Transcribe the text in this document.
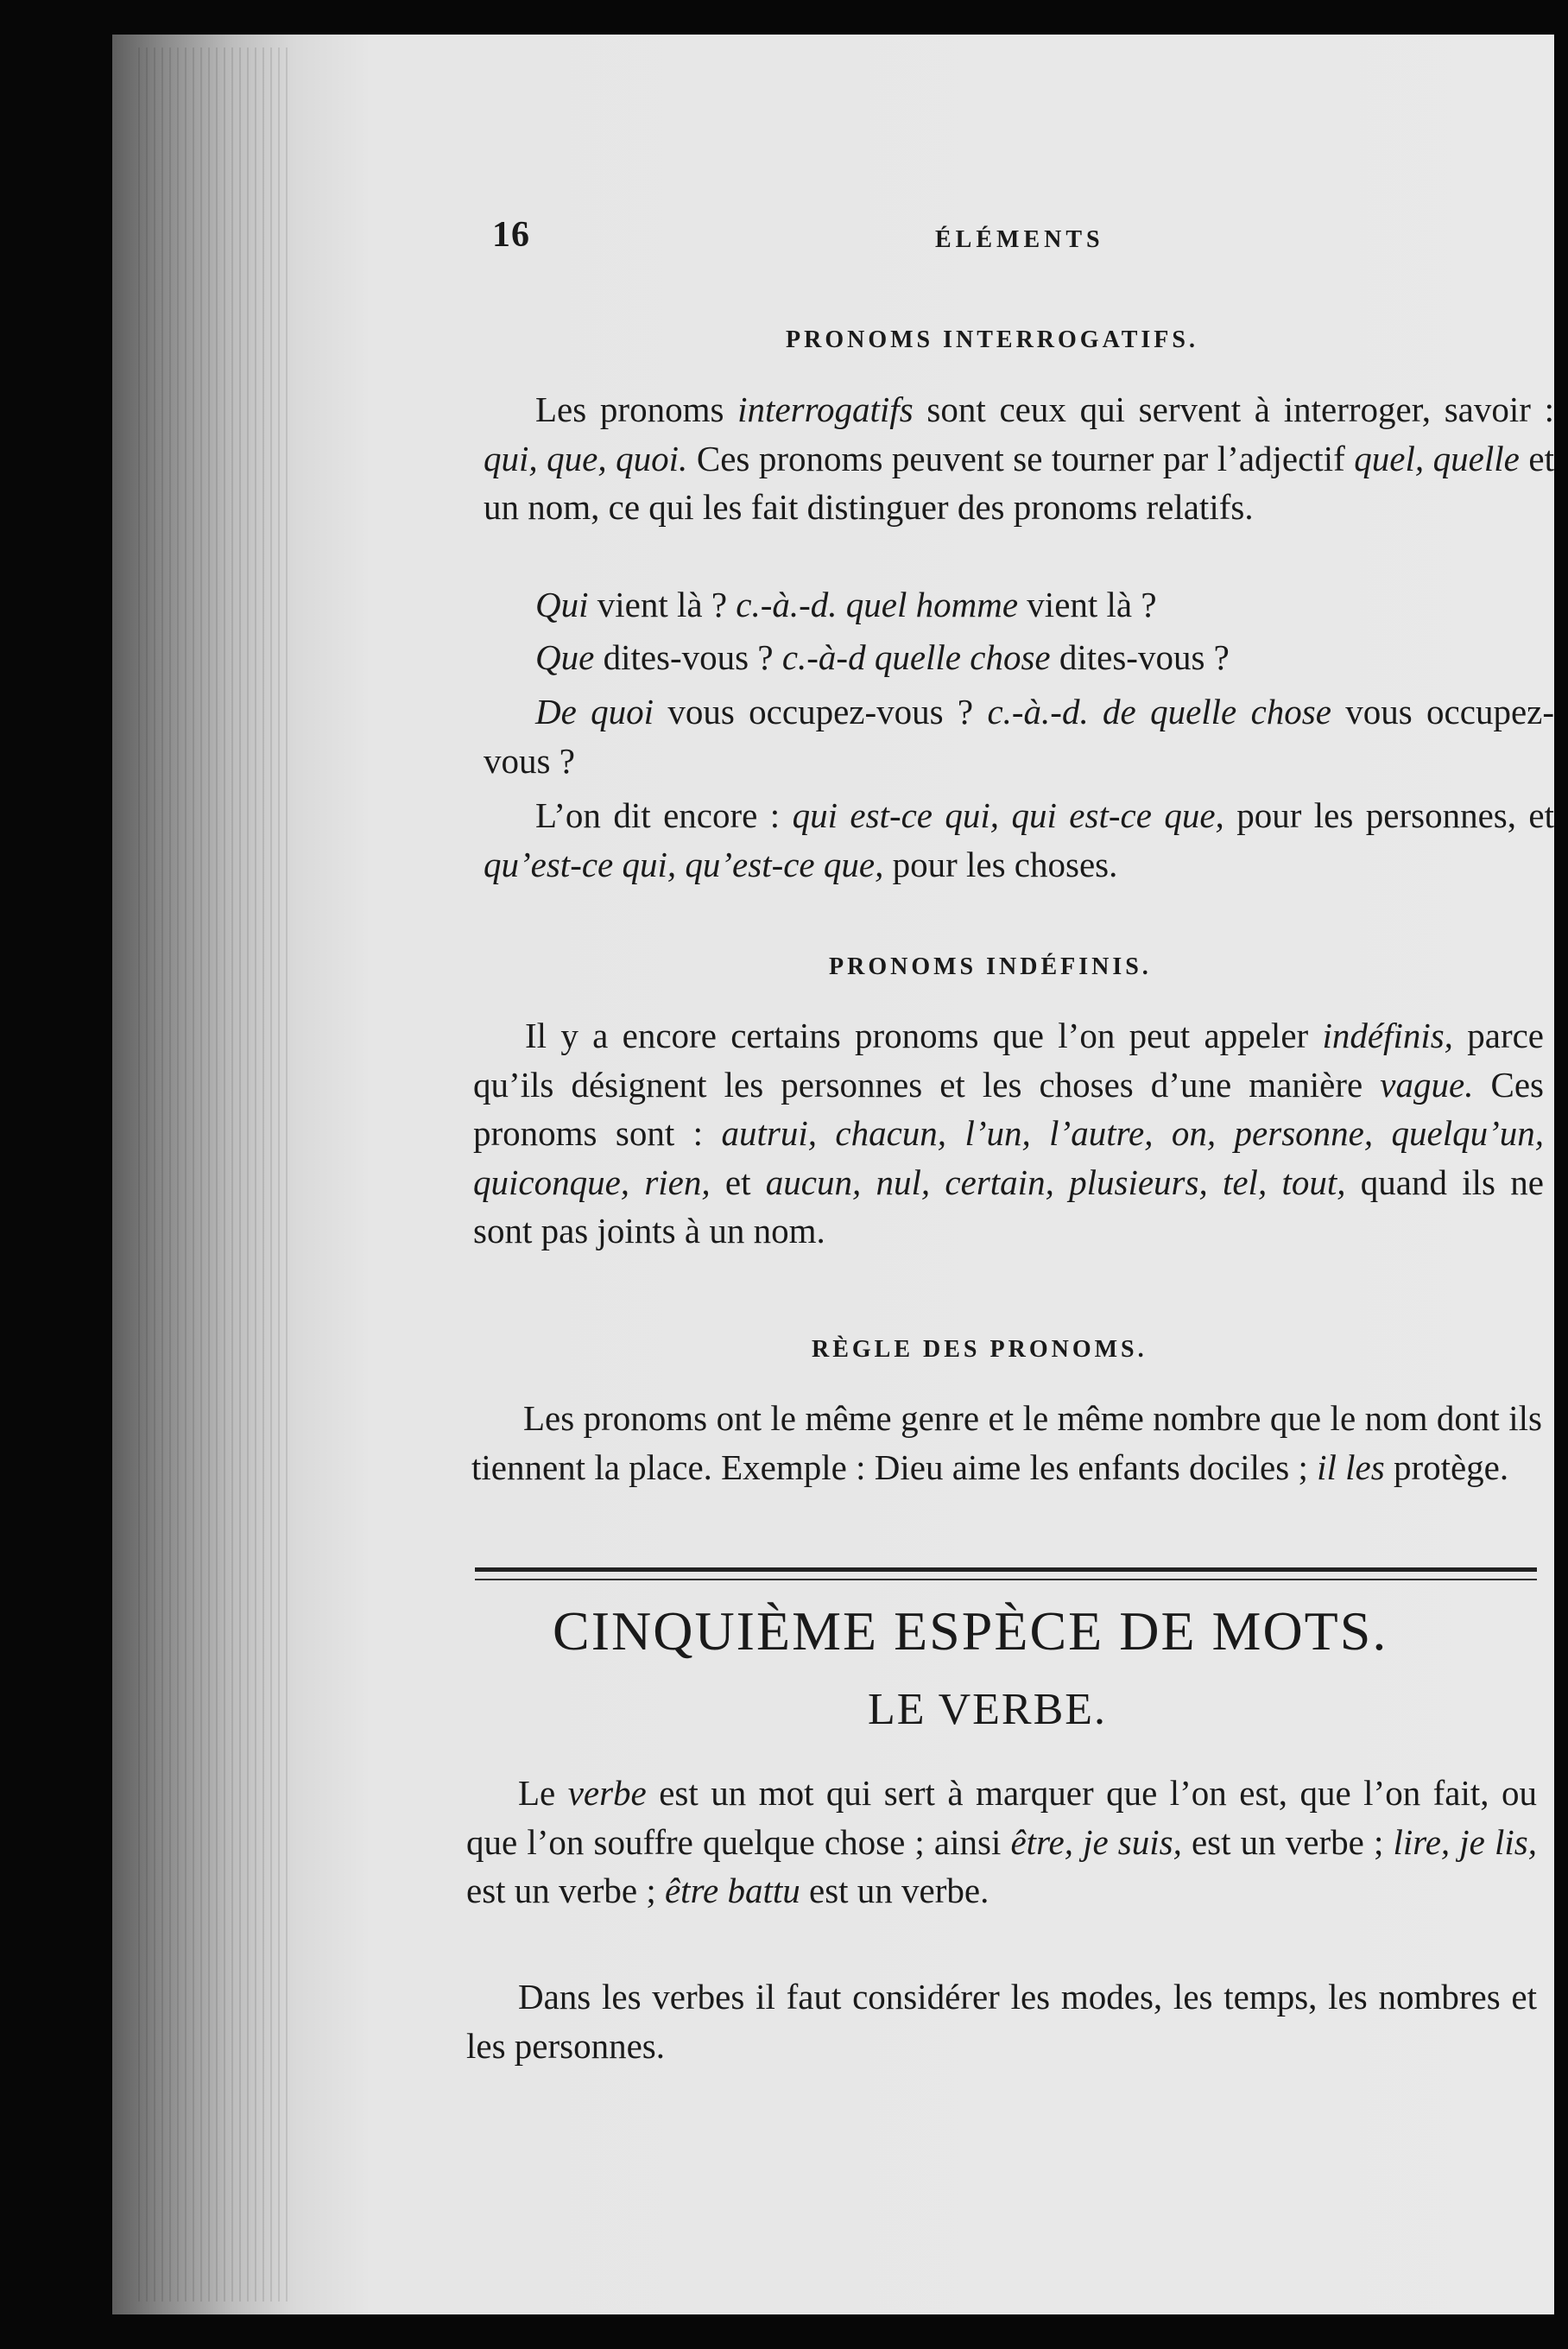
16	ÉLÉMENTS
PRONOMS INTERROGATIFS.
Les pronoms interrogatifs sont ceux qui servent à interroger, savoir : qui, que, quoi. Ces pronoms peuvent se tourner par l’adjectif quel, quelle et un nom, ce qui les fait distinguer des pronoms relatifs.
Qui vient là ? c.-à.-d. quel homme vient là ?
Que dites-vous ? c.-à-d quelle chose dites-vous ?
De quoi vous occupez-vous ? c.-à.-d. de quelle chose vous occupez-vous ?
L’on dit encore : qui est-ce qui, qui est-ce que, pour les personnes, et qu’est-ce qui, qu’est-ce que, pour les choses.
PRONOMS INDÉFINIS.
Il y a encore certains pronoms que l’on peut appeler indéfinis, parce qu’ils désignent les personnes et les choses d’une manière vague. Ces pronoms sont : autrui, chacun, l’un, l’autre, on, personne, quelqu’un, quiconque, rien, et aucun, nul, certain, plusieurs, tel, tout, quand ils ne sont pas joints à un nom.
RÈGLE DES PRONOMS.
Les pronoms ont le même genre et le même nombre que le nom dont ils tiennent la place. Exemple : Dieu aime les enfants dociles ; il les protège.
CINQUIÈME ESPÈCE DE MOTS.
LE VERBE.
Le verbe est un mot qui sert à marquer que l’on est, que l’on fait, ou que l’on souffre quelque chose ; ainsi être, je suis, est un verbe ; lire, je lis, est un verbe ; être battu est un verbe.
Dans les verbes il faut considérer les modes, les temps, les nombres et les personnes.
